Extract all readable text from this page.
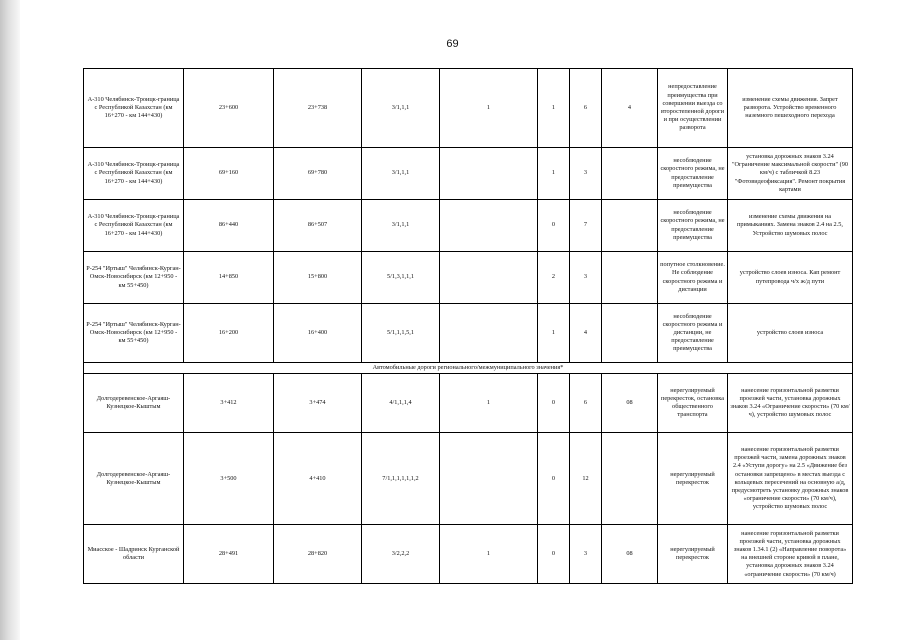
69
А-310 Челябинск-Троицк-граница с Республикой Казахстан (км 16+270 - км 144+430)	23+600	23+738	3/1,1,1	1	1	6	4	непредоставление преимущества при совершении выезда со второстепенной дороги и при осуществлении разворота	изменение схемы движения. Запрет разворота. Устройство временного наземного пешеходного перехода
А-310 Челябинск-Троицк-граница с Республикой Казахстан (км 16+270 - км 144+430)	69+160	69+780	3/1,1,1		1	3		несоблюдение скоростного режима, не предоставление преимущества	установка дорожных знаков 3.24 "Ограничение максимальной скорости" (90 км/ч) с табличкой 8.23 "Фотовидеофиксация". Ремонт покрытия картами
А-310 Челябинск-Троицк-граница с Республикой Казахстан (км 16+270 - км 144+430)	86+440	86+507	3/1,1,1		0	7		несоблюдение скоростного режима, не предоставление преимущества	изменение схемы движения на примыканиях. Замена знаков 2.4 на 2.5, Устройство шумовых полос
Р-254 "Иртыш" Челябинск-Курган-Омск-Новосибирск (км 12+950 - км 55+450)	14+850	15+800	5/1,3,1,1,1		2	3		попутное столкновение. Не соблюдение скоростного режима и дистанции	устройство слоев износа. Кап ремонт путепровода ч/х ж/д пути
Р-254 "Иртыш" Челябинск-Курган-Омск-Новосибирск (км 12+950 - км 55+450)	16+200	16+400	5/1,1,1,5,1		1	4		несоблюдение скоростного режима и дистанции, не предоставление преимущества	устройство слоев износа
Автомобильные дороги регионального/межмуниципального значения*									
Долгодеревенское-Аргаяш-Кузнецкое-Кыштым	3+412	3+474	4/1,1,1,4	1	0	6	08	нерегулируемый перекресток, остановка общественного транспорта	нанесение горизонтальной разметки проезжей части, установка дорожных знаков 3.24 «Ограничение скорости» (70 км/ч), устройство шумовых полос
Долгодеревенское-Аргаяш-Кузнецкое-Кыштым	3+500	4+410	7/1,1,1,1,1,1,2		0	12		нерегулируемый перекресток	нанесение горизонтальной разметки проезжей части, замена дорожных знаков 2.4 «Уступи дорогу» на 2.5 «Движение без остановки запрещено» в местах выезда с кольцевых пересечений на основную а/д, предусмотреть установку дорожных знаков «ограничение скорости» (70 км/ч), устройство шумовых полос
Миасское - Шадринск Курганской области	28+491	28+820	3/2,2,2	1	0	3	08	нерегулируемый перекресток	нанесение горизонтальной разметки проезжей части, установка дорожных знаков 1.34.1 (2) «Направление поворота» на внешней стороне кривой в плане, установка дорожных знаков 3.24 «ограничение скорости» (70 км/ч)
